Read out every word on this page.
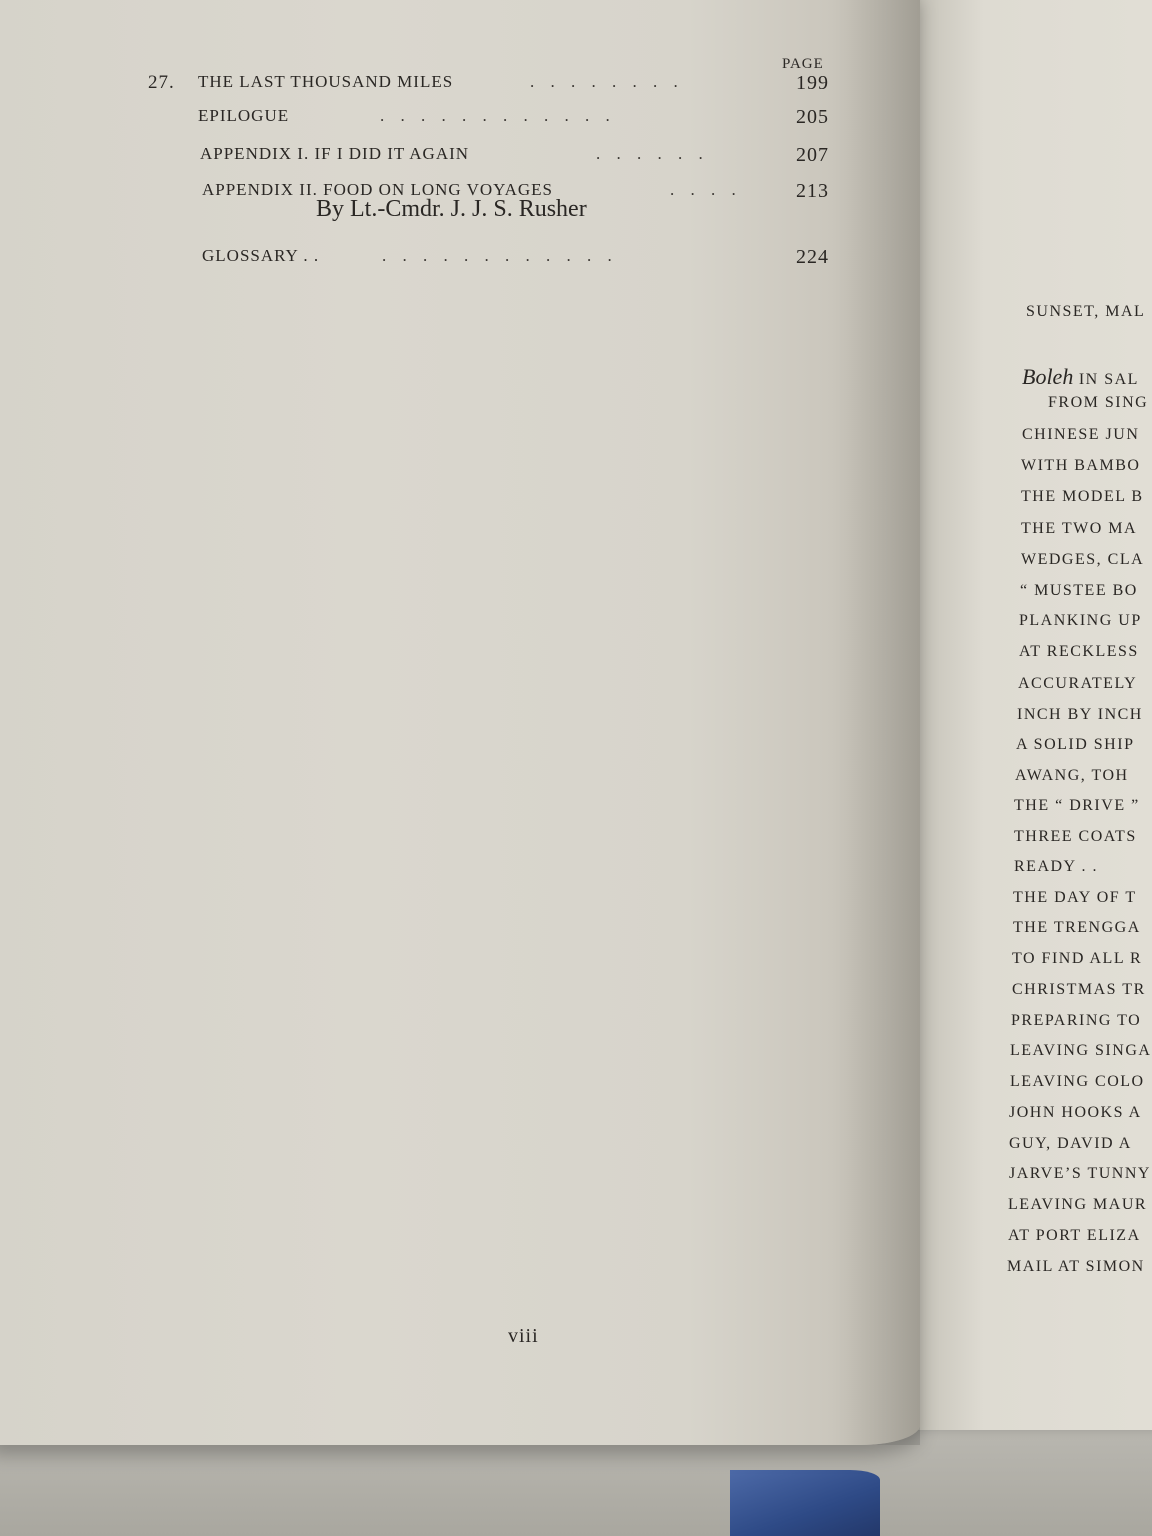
SUNSET, MAL
Boleh IN SAL
FROM SING
CHINESE JUN
WITH BAMBO
THE MODEL B
THE TWO MA
WEDGES, CLA
“ MUSTEE BO
PLANKING UP
AT RECKLESS
ACCURATELY
INCH BY INCH
A SOLID SHIP
AWANG, TOH
THE “ DRIVE ”
THREE COATS
READY . .
THE DAY OF T
THE TRENGGA
TO FIND ALL R
CHRISTMAS TR
PREPARING TO
LEAVING SINGA
LEAVING COLO
JOHN HOOKS A
GUY, DAVID A
JARVE’S TUNNY
LEAVING MAUR
AT PORT ELIZA
MAIL AT SIMON
PAGE
27. THE LAST THOUSAND MILES	. . . . . . . .	199
EPILOGUE	. . . . . . . . . . . .	205
APPENDIX I. IF I DID IT AGAIN	. . . . . .	207
APPENDIX II. FOOD ON LONG VOYAGES	. . . .	213
By Lt.-Cmdr. J. J. S. Rusher
GLOSSARY . .	. . . . . . . . . . . .	224
viii
